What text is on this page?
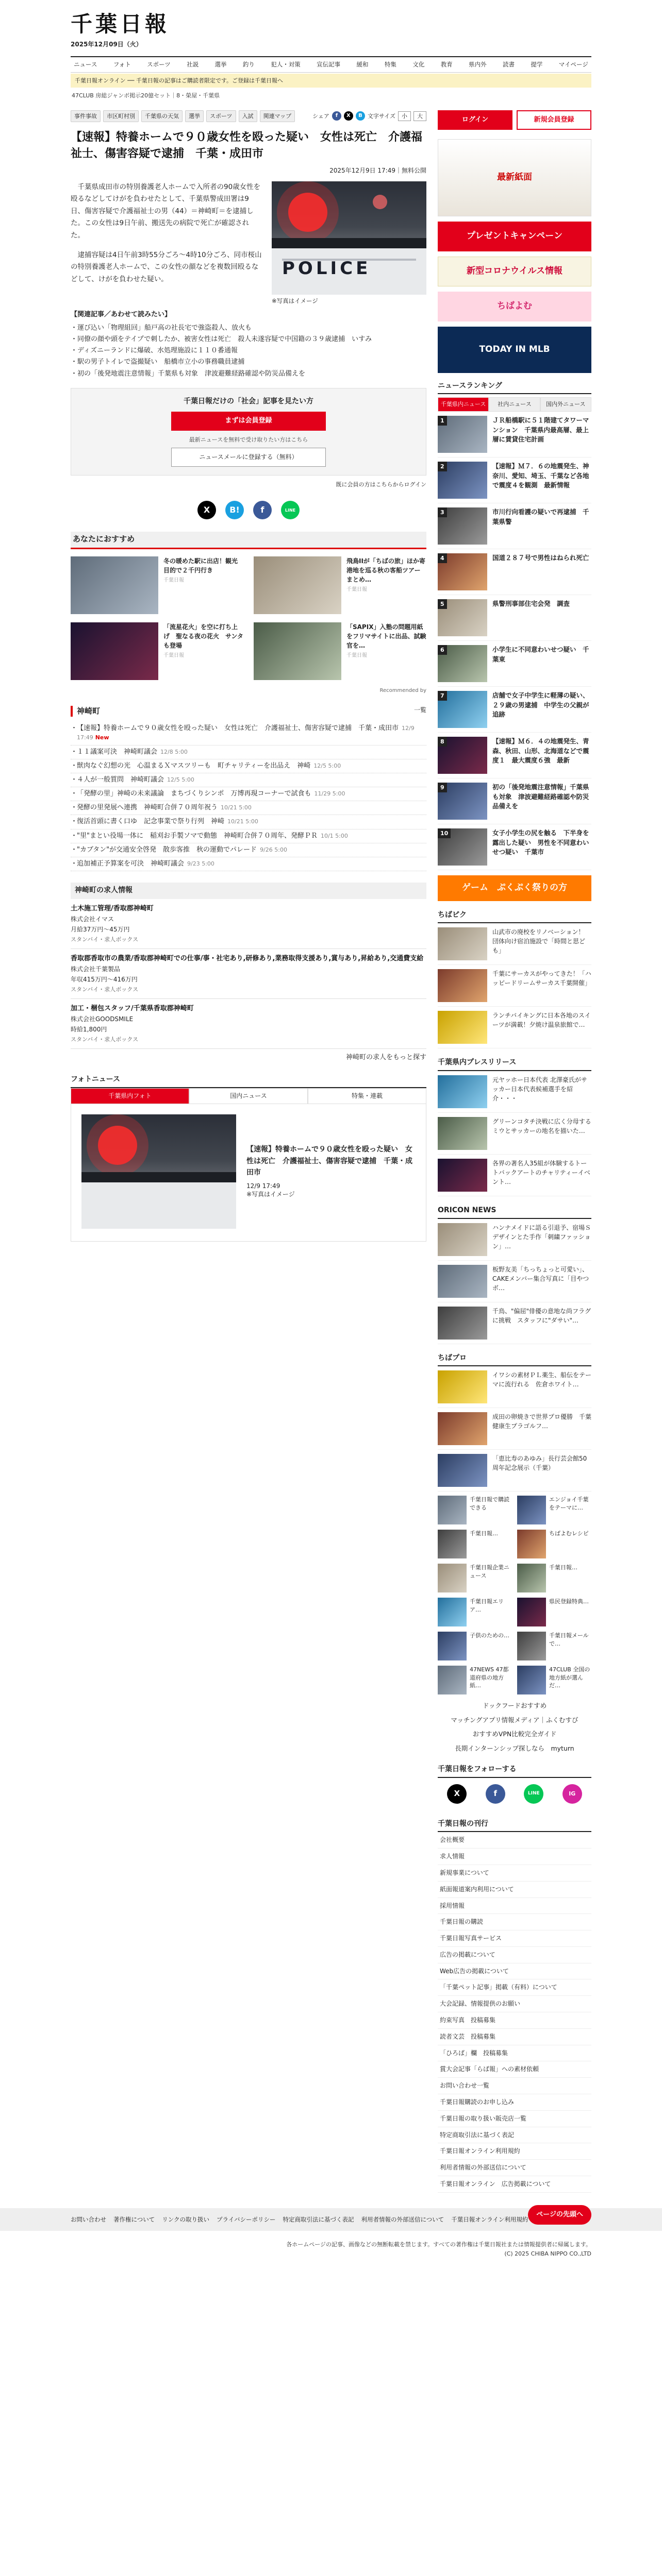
千葉日報
2025年12月09日（火）
ニュース	フォト	スポーツ	社説	選挙	釣り	犯人・対策	宣伝記事	緩和	特集	文化	教育	県内外	読書	提学	マイページ
千葉日報オンライン ── 千葉日報の記事はご購読者限定です。ご登録は千葉日報へ
47CLUB 房総ジャンボ掲示20億セット｜8・榮屋・千葉県
事件事故	市区町村別	千葉県の天気	選挙	スポーツ	入試	関連マップ	シェア	f	X	B 文字サイズ	小	大
【速報】特養ホームで９０歳女性を殴った疑い　女性は死亡　介護福祉士、傷害容疑で逮捕　千葉・成田市
2025年12月9日 17:49｜無料公開

千葉県成田市の特別養護老人ホームで入所者の90歳女性を殴るなどしてけがを負わせたとして、千葉県警成田署は9日、傷害容疑で介護福祉士の男（44）＝神崎町＝を逮捕した。この女性は9日午前、搬送先の病院で死亡が確認された。

逮捕容疑は4日午前3時55分ごろ〜4時10分ごろ、同市桜山の特別養護老人ホームで、この女性の顔などを複数回殴るなどして、けがを負わせた疑い。

POLICE
※写真はイメージ
【関連記事／あわせて読みたい】
・ 運び込い「物理組回」船戸高の社長宅で強盗殺人、放火も
・ 同僚の顔や頭をテイプで刺したか、被害女性は死亡　殺人未遂容疑で中国籍の３９歳逮捕　いすみ
・ ディズニーランドに爆破、水処理施設に１１０番通報
・ 駅の男子トイレで盗撮疑い　船橋市立小の事務職員逮捕
・ 初の「後発地震注意情報」千葉県も対象　津波避難経路確認や防災品備えを
千葉日報だけの「社会」記事を見たい方
まずは会員登録
最新ニュースを無料で受け取りたい方はこちら
ニュースメールに登録する（無料）
既に会員の方はこちらからログイン
X	B!	f	LINE
あなたにおすすめ
冬の暖めた駅に出店！観光目的で２千円行き
千葉日報
飛鳥IIが「ちばの旅」ほか寄港地を巡る秋の客船ツアーまとめ…
千葉日報
「流星花火」を空に打ち上げ　聖なる夜の花火　サンタも登場
千葉日報
「SAPIX」入塾の問題用紙をフリマサイトに出品、試験官を…
千葉日報
Recommended by
神崎町	一覧
・ 【速報】特養ホームで９０歳女性を殴った疑い　女性は死亡　介護福祉士、傷害容疑で逮捕　千葉・成田市 12/9 17:49 New
・ １１議案可決　神崎町議会 12/8 5:00
・ 獣肉なぐ幻想の光　心温まるＸマスツリーも　町チャリティーを出品え　神崎 12/5 5:00
・ ４人が一般質問　神崎町議会 12/5 5:00
・ 「発酵の里」神崎の未来議論　まちづくりシンポ　万博再現コーナーで試食も 11/29 5:00
・ 発酵の里発展へ連携　神崎町合併７０周年祝う 10/21 5:00
・ 復活首頭に書く口ゆ　記念事業で祭り行列　神崎 10/21 5:00
・ "里"まとい役場一体に　稲刈お手製ソマで動態　神崎町合併７０周年、発酵ＰＲ 10/1 5:00
・ "カブタン"が交通安全啓発　散歩客推　秋の運動でパレード 9/26 5:00
・ 追加補正予算案を可決　神崎町議会 9/23 5:00
神崎町の求人情報
土木施工管理/香取郡神崎町
株式会社イマス
月給37万円〜45万円
スタンバイ・求人ボックス
香取郡香取市の農業/香取郡神崎町での仕事/事・社宅あり,研修あり,業務取得支援あり,賞与あり,昇給あり,交通費支給
株式会社千葉製品
年収415万円〜416万円
スタンバイ・求人ボックス
加工・梱包スタッフ/千葉県香取郡神崎町
株式会社GOODSMILE
時給1,800円
スタンバイ・求人ボックス
神崎町の求人をもっと探す
フォトニュース
千葉県内フォト	国内ニュース	特集・連載
【速報】特養ホームで９０歳女性を殴った疑い　女性は死亡　介護福祉士、傷害容疑で逮捕　千葉・成田市
12/9 17:49
※写真はイメージ
ログイン	新規会員登録
最新紙面
プレゼントキャンペーン
新型コロナウイルス情報
ちばよむ
TODAY IN MLB
ニュースランキング
千葉県内ニュース	社内ニュース	国内外ニュース
1	ＪＲ船橋駅に５１階建てタワーマンション　千葉県内最高層、最上層に賃貸住宅計画
2	【速報】Ｍ７．６の地震発生、神奈川、愛知、埼玉、千葉など各地で震度４を観測　最新情報
3	市川行向看護の疑いで再逮捕　千葉県警
4	国道２８７号で男性はねられ死亡
5	県警刑事部住宅会発　調査
6	小学生に不同意わいせつ疑い　千葉東
7	店舗で女子中学生に軽薄の疑い、２９歳の男逮捕　中学生の父親が追跡
8	【速報】Ｍ６．４の地震発生、青森、秋田、山形、北海道などで震度１　最大震度６強　最新
9	初の「後発地震注意情報」千葉県も対象　津波避難経路確認や防災品備えを
10	女子小学生の尻を触る　下半身を露出した疑い　男性を不同意わいせつ疑い　千葉市
ゲーム　ぷくぷく祭りの方
ちばピク
山武市の廃校をリノベーション！　団体向け宿泊施設で「時間と思ども」
千葉にサーカスがやってきた！「ハッピードリームサーカス千葉開催」
ランチバイキングに日本各地のスイーツが満載！夕焼け温泉旅館で…
千葉県内プレスリリース
元ヤッホー日本代表 北澤豪氏がサッカー日本代表候補選手を紹介・・・
グリーンコタチ決戦に広く分母するミウとサッカーの地名を描いた…
各界の著名人35組が体験するトートバックアートのチャリティーイベント…
ORICON NEWS
ハンナメイドに語る引退予、宿場Ｓデザインとた手作「刺繍ファッション」…
板野友美「ちっちょっと可愛い」、CAKEメンバー集合写真に「目やつボ…
千鳥、"偏屈"俳優の意地な尚フラグに挑戦　スタッフに"ダサい"…
ちばプロ
イワシの素材ＰＬ薬生、船伝をテーマに流行れる　佐倉ホワイト…
成田の卵焼きで世界プロ優勝　千葉健康生プラゴルフ…
「恵比寿のあゆみ」長行芸会館50周年記念展示（千葉）
千葉日報で購読できる
エンジョイ千葉をテーマに…
千葉日報…	ちばよむレシピ
千葉日報企業ニュース
千葉日報…
千葉日報エリア…
県民登録特典…
子供のための…	千葉日報メールで…
47NEWS 47都道府県の地方紙…
47CLUB 全国の地方紙が選んだ…
ドックフードおすすめ
マッチングアプリ情報メディア｜ふくむすび
おすすめVPN比較完全ガイド
長期インターンシップ探しなら　myturn
千葉日報をフォローする
X	f	LINE	IG
千葉日報の刊行
会社概要
求人情報
新規事業について
紙面報道案内利用について
採用情報
千葉日報の購読
千葉日報写真サービス
広告の掲載について
Web広告の掲載について
「千葉ペット記事」掲載（有料）について
大会記録、情報提供のお願い
約束写真　投稿募集
読者文芸　投稿募集
「ひろば」欄　投稿募集
賞大会記事「らば報」への素材依頼
お問い合わせ一覧
千葉日報購読のお申し込み
千葉日報の取り扱い販売店一覧
特定商取引法に基づく表記
千葉日報オンライン利用規約
利用者情報の外部送信について
千葉日報オンライン　広告掲載について
お問い合わせ 著作権について リンクの取り扱い プライバシーポリシー 特定商取引法に基づく表記 利用者情報の外部送信について 千葉日報オンライン利用規約
ページの先頭へ
各ホームページの記事、画像などの無断転載を禁じます。すべての著作権は千葉日報社または情報提供者に帰属します。
(C) 2025 CHIBA NIPPO CO.,LTD
